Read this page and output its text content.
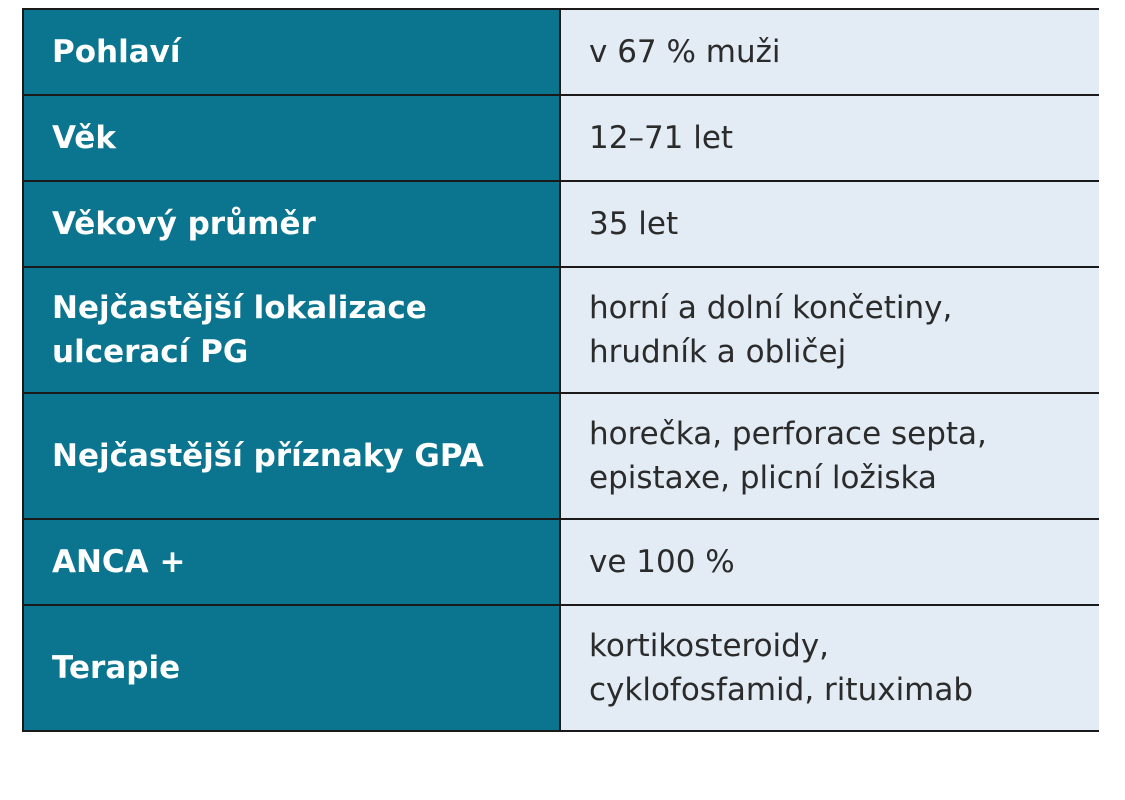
Pohlaví	v 67 % muži

Věk	12–71 let

Věkový průměr	35 let

Nejčastější lokalizace
ulcerací PG	horní a dolní končetiny,
hrudník a obličej

Nejčastější příznaky GPA	horečka, perforace septa,
epistaxe, plicní ložiska

ANCA +	ve 100 %

Terapie	kortikosteroidy,
cyklofosfamid, rituximab
